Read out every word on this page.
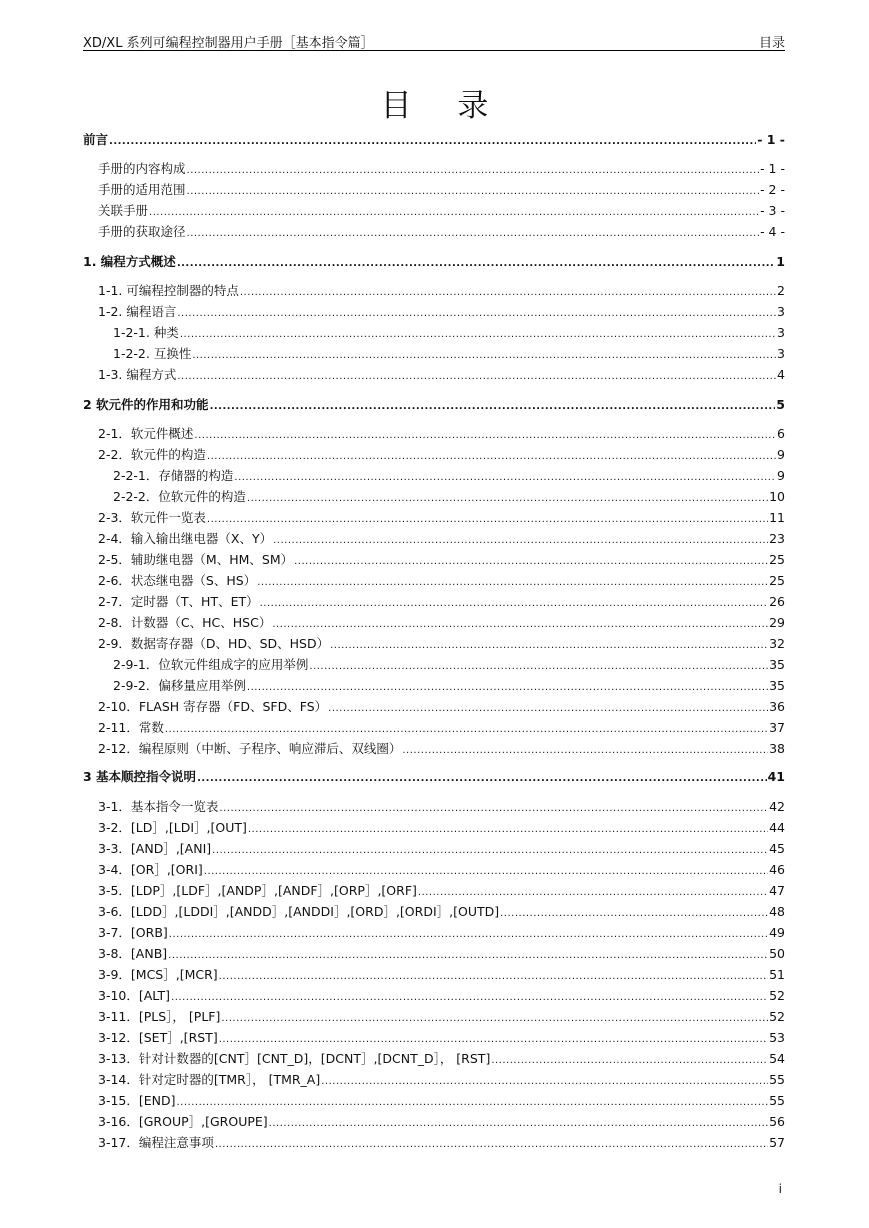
XD/XL 系列可编程控制器用户手册［基本指令篇］	目录
目 录
前言 .....	- 1 -
手册的内容构成 .....	- 1 -
手册的适用范围 .....	- 2 -
关联手册 .....	- 3 -
手册的获取途径 .....	- 4 -
1. 编程方式概述 .....	1
1-1. 可编程控制器的特点 .....	2
1-2. 编程语言 .....	3
1-2-1. 种类 .....	3
1-2-2. 互换性 .....	3
1-3. 编程方式 .....	4
2 软元件的作用和功能 .....	5
2-1．软元件概述 .....	6
2-2．软元件的构造 .....	9
2-2-1．存储器的构造 .....	9
2-2-2．位软元件的构造 .....	10
2-3．软元件一览表 .....	11
2-4．输入输出继电器（X、Y） .....	23
2-5．辅助继电器（M、HM、SM） .....	25
2-6．状态继电器（S、HS） .....	25
2-7．定时器（T、HT、ET） .....	26
2-8．计数器（C、HC、HSC） .....	29
2-9．数据寄存器（D、HD、SD、HSD） .....	32
2-9-1．位软元件组成字的应用举例 .....	35
2-9-2．偏移量应用举例 .....	35
2-10．FLASH 寄存器（FD、SFD、FS） .....	36
2-11．常数 .....	37
2-12．编程原则（中断、子程序、响应滞后、双线圈） .....	38
3 基本顺控指令说明 .....	41
3-1．基本指令一览表 .....	42
3-2．[LD］,[LDI］,[OUT] .....	44
3-3．[AND］,[ANI] .....	45
3-4．[OR］,[ORI] .....	46
3-5．[LDP］,[LDF］,[ANDP］,[ANDF］,[ORP］,[ORF] .....	47
3-6．[LDD］,[LDDI］,[ANDD］,[ANDDI］,[ORD］,[ORDI］,[OUTD] .....	48
3-7．[ORB] .....	49
3-8．[ANB] .....	50
3-9．[MCS］,[MCR] .....	51
3-10．[ALT] .....	52
3-11．[PLS］， [PLF] .....	52
3-12．[SET］,[RST] .....	53
3-13．针对计数器的[CNT］[CNT_D]，[DCNT］,[DCNT_D］， [RST] .....	54
3-14．针对定时器的[TMR］， [TMR_A] .....	55
3-15．[END] .....	55
3-16．[GROUP］,[GROUPE] .....	56
3-17．编程注意事项 .....	57
i
